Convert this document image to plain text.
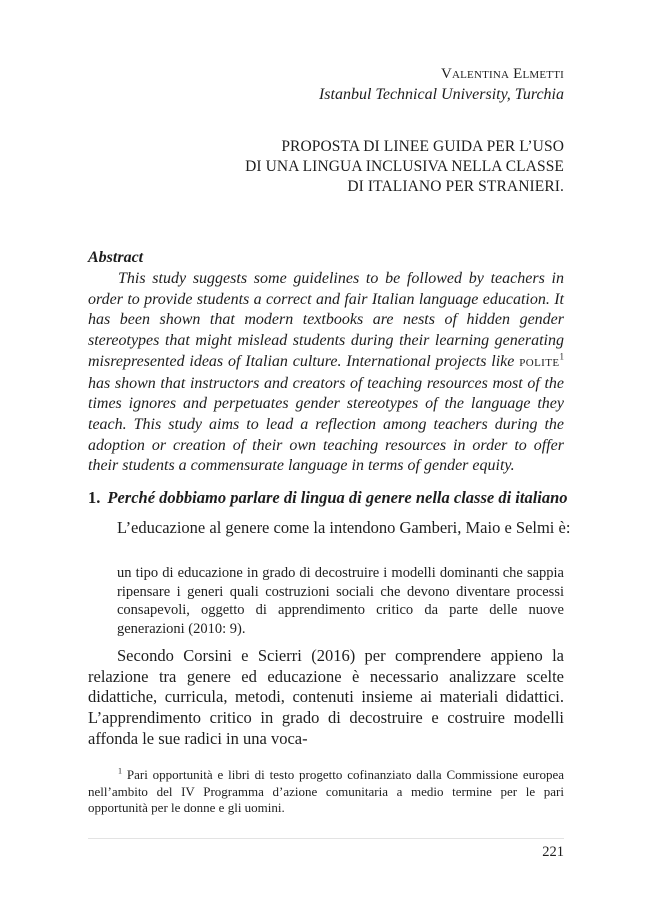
Valentina Elmetti
Istanbul Technical University, Turchia
PROPOSTA DI LINEE GUIDA PER L’USO
DI UNA LINGUA INCLUSIVA NELLA CLASSE
DI ITALIANO PER STRANIERI.
Abstract
This study suggests some guidelines to be followed by teachers in order to provide students a correct and fair Italian language education. It has been shown that modern textbooks are nests of hidden gender stereotypes that might mislead students during their learning generating misrepresented ideas of Italian culture. International projects like POLITE$^1$ has shown that instructors and creators of teaching resources most of the times ignores and perpetuates gender stereotypes of the language they teach. This study aims to lead a reflection among teachers during the adoption or creation of their own teaching resources in order to offer their students a commensurate language in terms of gender equity.
1. Perché dobbiamo parlare di lingua di genere nella classe di italiano
L’educazione al genere come la intendono Gamberi, Maio e Selmi è:
un tipo di educazione in grado di decostruire i modelli dominanti che sappia ripensare i generi quali costruzioni sociali che devono diventare processi consapevoli, oggetto di apprendimento critico da parte delle nuove generazioni (2010: 9).
Secondo Corsini e Scierri (2016) per comprendere appieno la relazione tra genere ed educazione è necessario analizzare scelte didattiche, curricula, metodi, contenuti insieme ai materiali didattici. L’apprendimento critico in grado di decostruire e costruire modelli affonda le sue radici in una voca-
$^1$ Pari opportunità e libri di testo progetto cofinanziato dalla Commissione europea nell’ambito del IV Programma d’azione comunitaria a medio termine per le pari opportunità per le donne e gli uomini.
221
